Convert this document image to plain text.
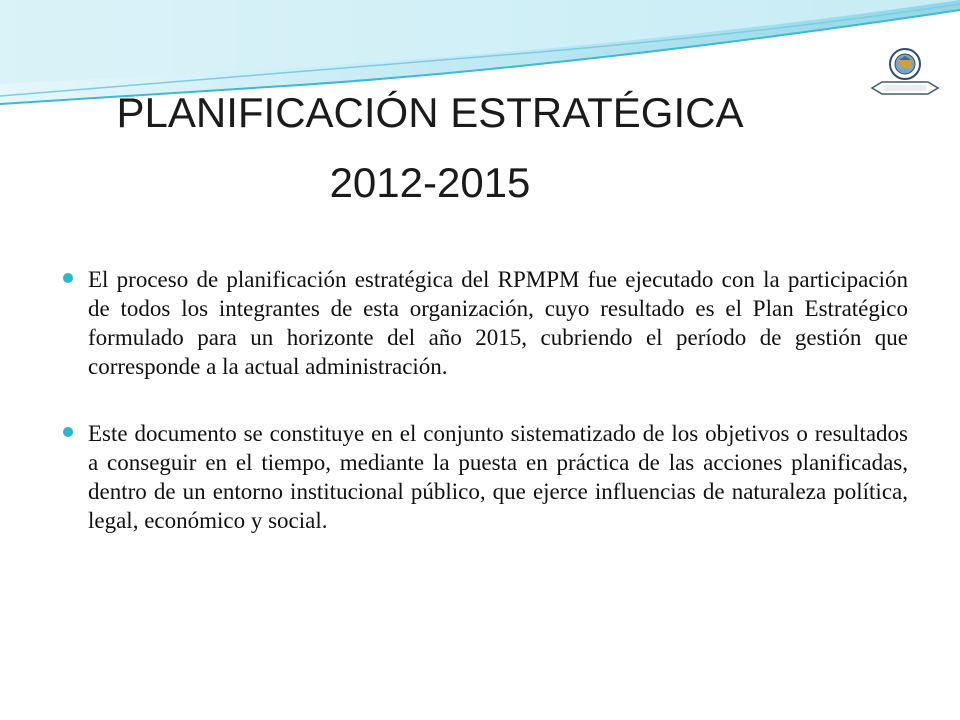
PLANIFICACIÓN ESTRATÉGICA
2012-2015
El proceso de planificación estratégica del RPMPM fue ejecutado con la participación de todos los integrantes de esta organización, cuyo resultado es el Plan Estratégico formulado para un horizonte del año 2015, cubriendo el período de gestión que corresponde a la actual administración.
Este documento se constituye en el conjunto sistematizado de los objetivos o resultados a conseguir en el tiempo, mediante la puesta en práctica de las acciones planificadas, dentro de un entorno institucional público, que ejerce influencias de naturaleza política, legal, económico y social.
